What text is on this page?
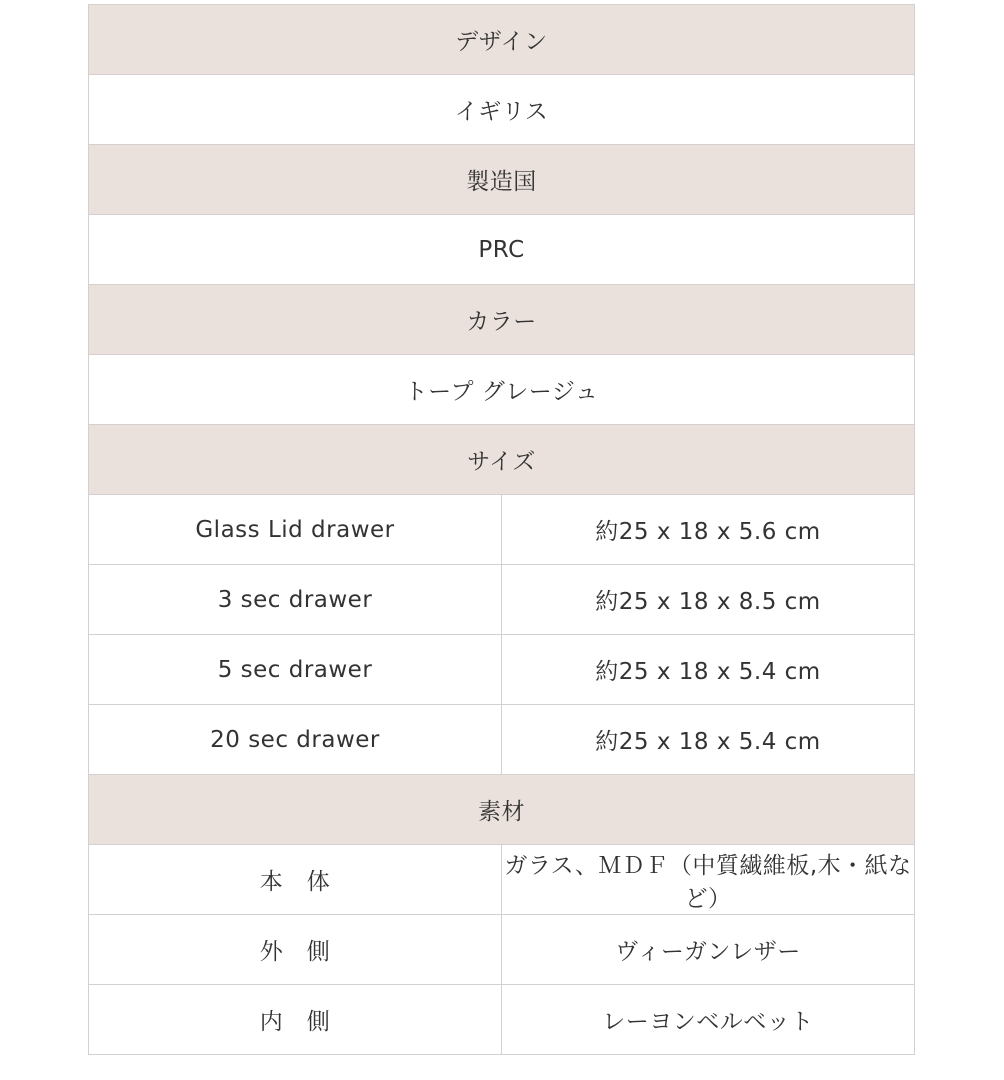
デザイン	
イギリス	
製造国	
PRC	
カラー	
トープ グレージュ	
サイズ	
Glass Lid drawer	約25 x 18 x 5.6 cm
3 sec drawer	約25 x 18 x 8.5 cm
5 sec drawer	約25 x 18 x 5.4 cm
20 sec drawer	約25 x 18 x 5.4 cm
素材	
本　体	ガラス、ＭＤＦ（中質繊維板,木・紙など）
外　側	ヴィーガンレザー
内　側	レーヨンベルベット
